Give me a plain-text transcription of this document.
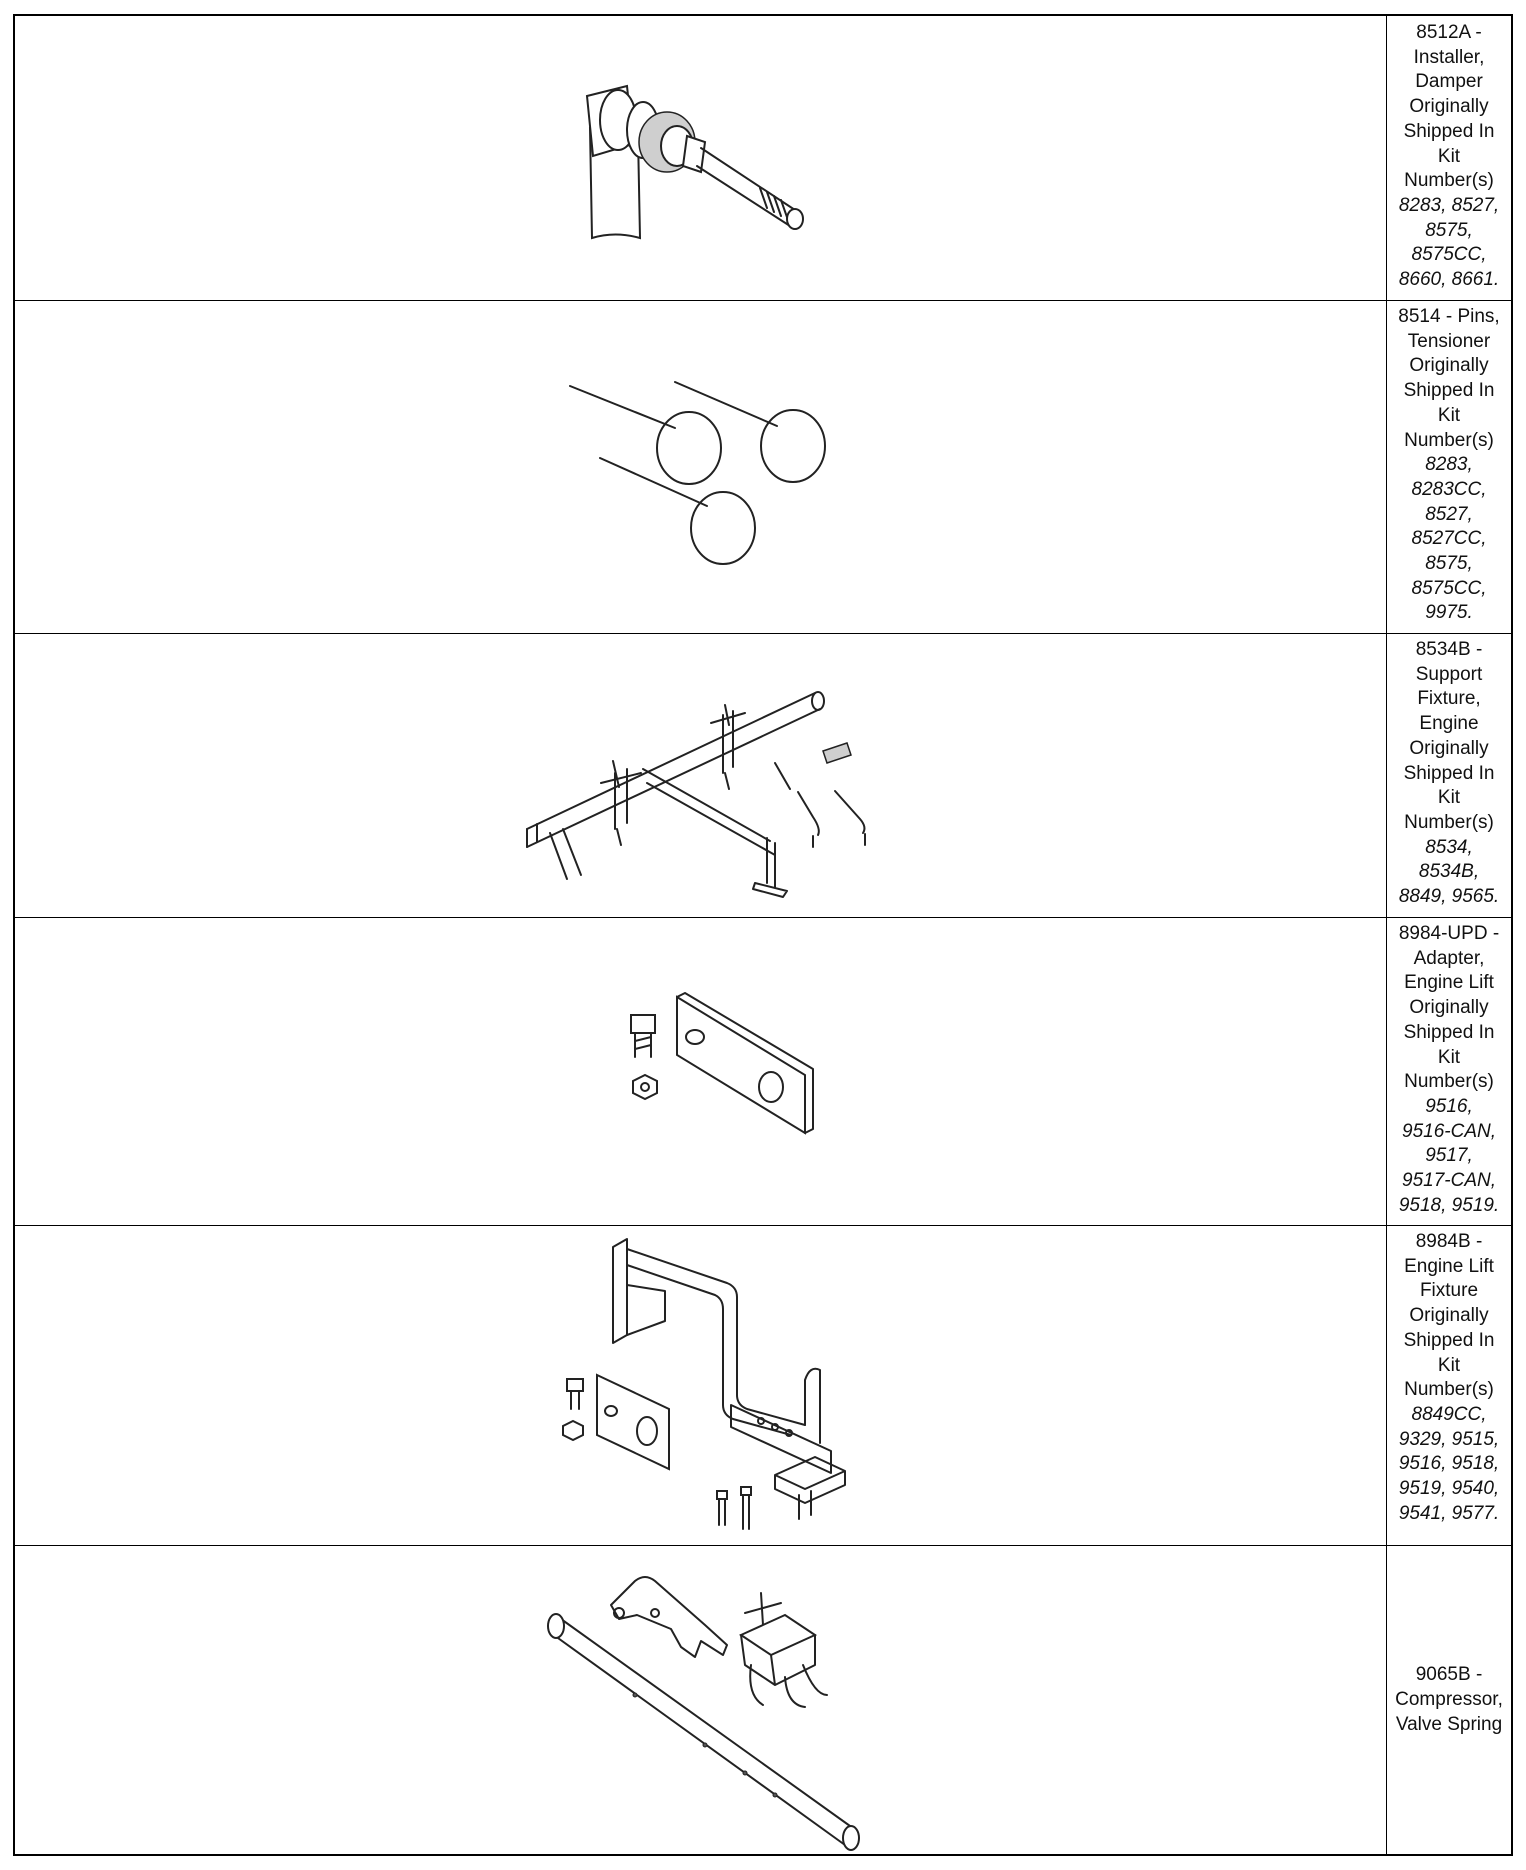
8512A -
Installer,
Damper
Originally
Shipped In
Kit
Number(s)
8283, 8527,
8575,
8575CC,
8660, 8661.
8514 - Pins,
Tensioner
Originally
Shipped In
Kit
Number(s)
8283,
8283CC,
8527,
8527CC,
8575,
8575CC,
9975.
8534B -
Support
Fixture,
Engine
Originally
Shipped In
Kit
Number(s)
8534,
8534B,
8849, 9565.
8984-UPD -
Adapter,
Engine Lift
Originally
Shipped In
Kit
Number(s)
9516,
9516-CAN,
9517,
9517-CAN,
9518, 9519.
8984B -
Engine Lift
Fixture
Originally
Shipped In
Kit
Number(s)
8849CC,
9329, 9515,
9516, 9518,
9519, 9540,
9541, 9577.
9065B -
Compressor,
Valve Spring
